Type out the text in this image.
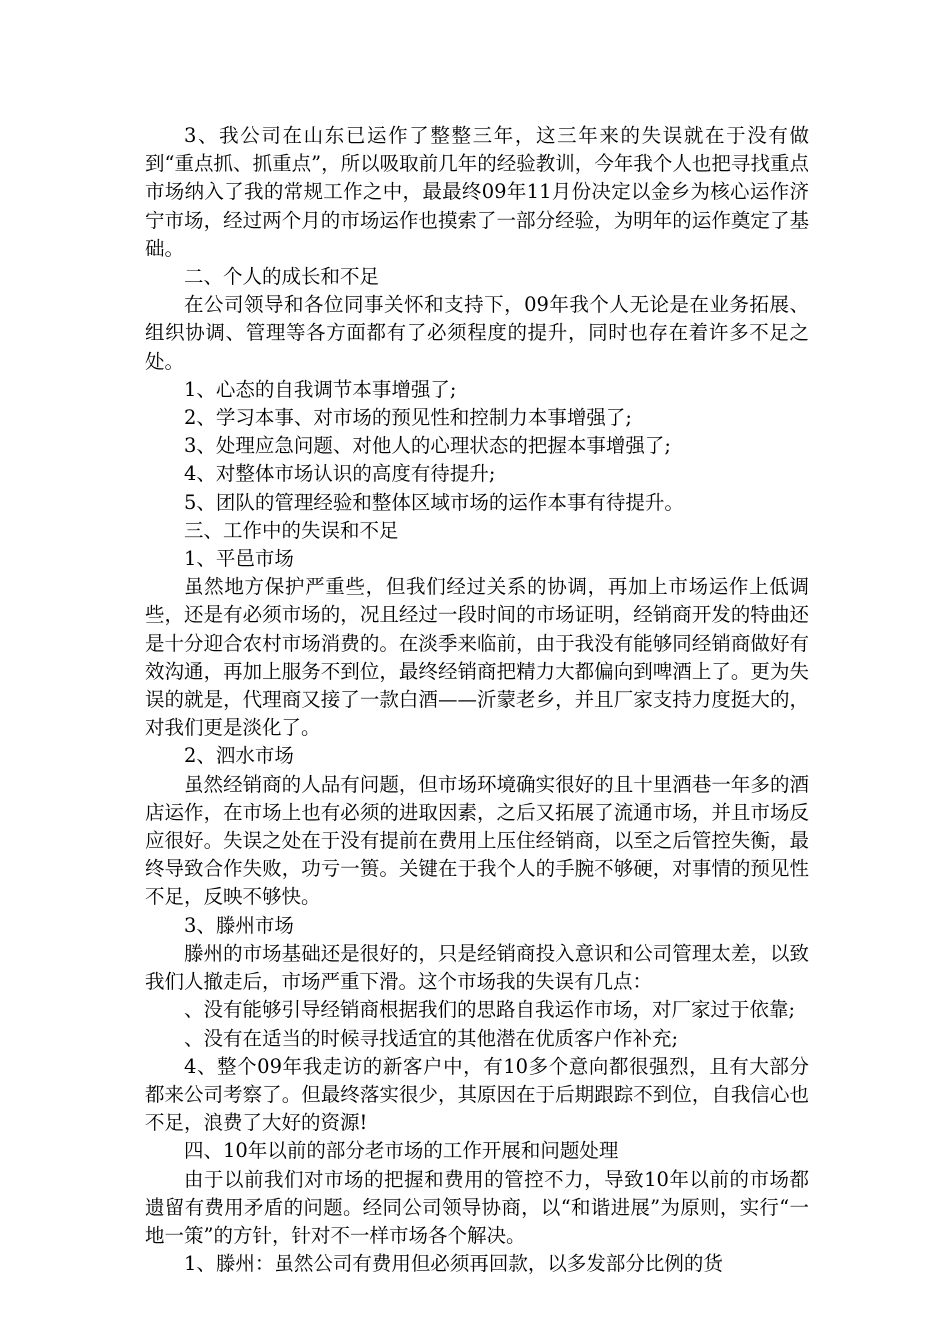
3、我公司在山东已运作了整整三年，这三年来的失误就在于没有做到“重点抓、抓重点”，所以吸取前几年的经验教训，今年我个人也把寻找重点市场纳入了我的常规工作之中，最最终09年11月份决定以金乡为核心运作济宁市场，经过两个月的市场运作也摸索了一部分经验，为明年的运作奠定了基础。

二、个人的成长和不足

在公司领导和各位同事关怀和支持下，09年我个人无论是在业务拓展、组织协调、管理等各方面都有了必须程度的提升，同时也存在着许多不足之处。

1、心态的自我调节本事增强了;

2、学习本事、对市场的预见性和控制力本事增强了;

3、处理应急问题、对他人的心理状态的把握本事增强了;

4、对整体市场认识的高度有待提升;

5、团队的管理经验和整体区域市场的运作本事有待提升。

三、工作中的失误和不足

1、平邑市场

虽然地方保护严重些，但我们经过关系的协调，再加上市场运作上低调些，还是有必须市场的，况且经过一段时间的市场证明，经销商开发的特曲还是十分迎合农村市场消费的。在淡季来临前，由于我没有能够同经销商做好有效沟通，再加上服务不到位，最终经销商把精力大都偏向到啤酒上了。更为失误的就是，代理商又接了一款白酒——沂蒙老乡，并且厂家支持力度挺大的，对我们更是淡化了。

2、泗水市场

虽然经销商的人品有问题，但市场环境确实很好的且十里酒巷一年多的酒店运作，在市场上也有必须的进取因素，之后又拓展了流通市场，并且市场反应很好。失误之处在于没有提前在费用上压住经销商，以至之后管控失衡，最终导致合作失败，功亏一篑。关键在于我个人的手腕不够硬，对事情的预见性不足，反映不够快。

3、滕州市场

滕州的市场基础还是很好的，只是经销商投入意识和公司管理太差，以致我们人撤走后，市场严重下滑。这个市场我的失误有几点：

、没有能够引导经销商根据我们的思路自我运作市场，对厂家过于依靠;

、没有在适当的时候寻找适宜的其他潜在优质客户作补充;

4、整个09年我走访的新客户中，有10多个意向都很强烈，且有大部分都来公司考察了。但最终落实很少，其原因在于后期跟踪不到位，自我信心也不足，浪费了大好的资源!

四、10年以前的部分老市场的工作开展和问题处理

由于以前我们对市场的把握和费用的管控不力，导致10年以前的市场都遗留有费用矛盾的问题。经同公司领导协商，以“和谐进展”为原则，实行“一地一策”的方针，针对不一样市场各个解决。

1、滕州：虽然公司有费用但必须再回款，以多发部分比例的货
